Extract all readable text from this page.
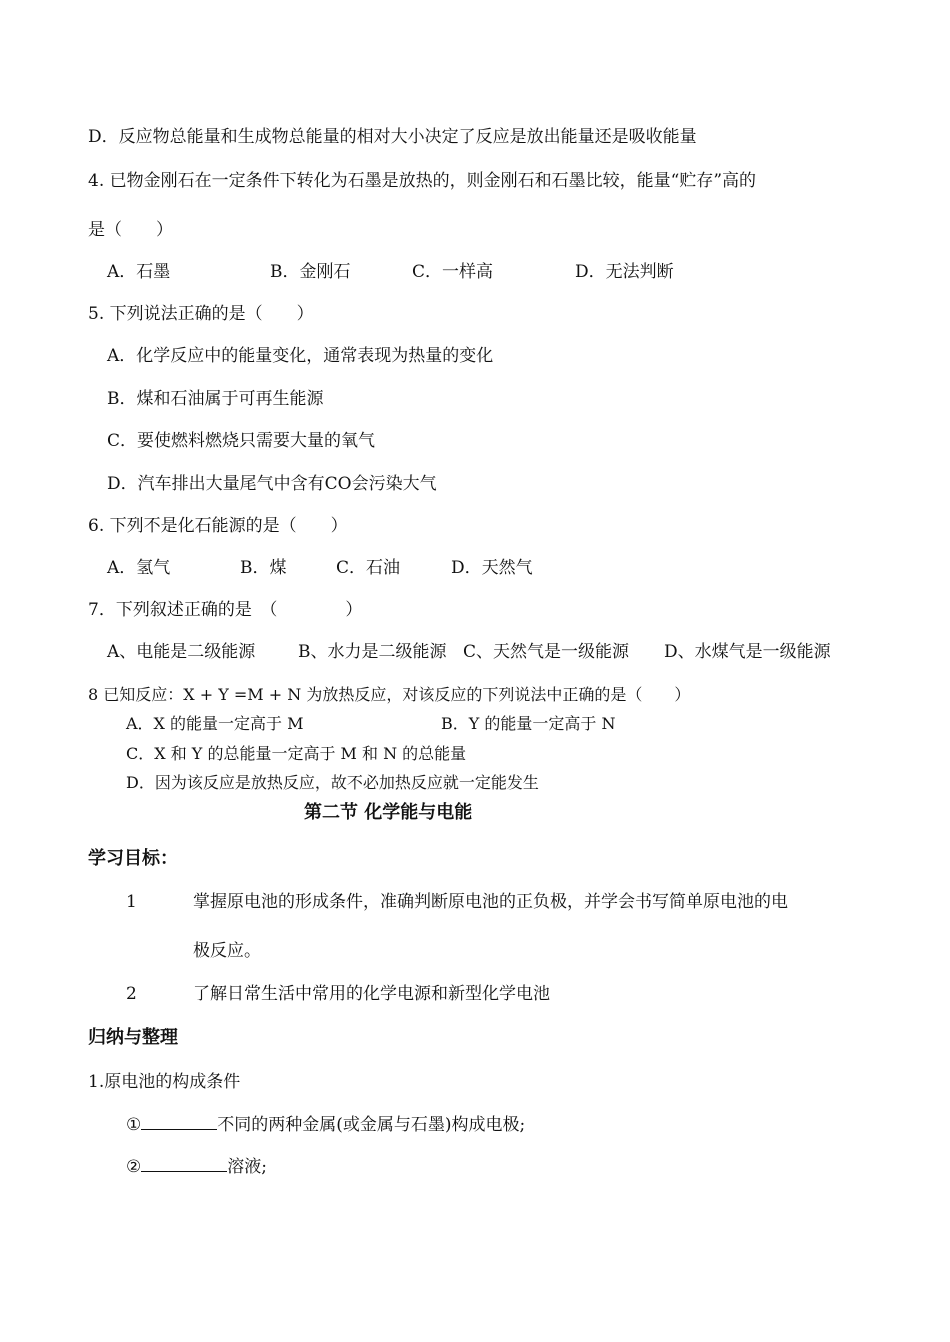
D．反应物总能量和生成物总能量的相对大小决定了反应是放出能量还是吸收能量
4. 已物金刚石在一定条件下转化为石墨是放热的，则金刚石和石墨比较，能量“贮存”高的
是（　　）
A．石墨	B．金刚石	C．一样高	D．无法判断
5. 下列说法正确的是（　　）
A．化学反应中的能量变化，通常表现为热量的变化
B．煤和石油属于可再生能源
C．要使燃料燃烧只需要大量的氧气
D．汽车排出大量尾气中含有CO会污染大气
6. 下列不是化石能源的是（　　）
A．氢气	B．煤	C．石油	D．天然气
7．下列叙述正确的是　（　　　　）
A、电能是二级能源	B、水力是二级能源 C、天然气是一级能源 D、水煤气是一级能源
8 已知反应：X + Y =M + N 为放热反应，对该反应的下列说法中正确的是（　　）
A．X 的能量一定高于 M	B．Y 的能量一定高于 N
C．X 和 Y 的总能量一定高于 M 和 N 的总能量
D．因为该反应是放热反应，故不必加热反应就一定能发生
第二节 化学能与电能
学习目标：
1	掌握原电池的形成条件，准确判断原电池的正负极，并学会书写简单原电池的电
极反应。
2	了解日常生活中常用的化学电源和新型化学电池
归纳与整理
1.原电池的构成条件
①	不同的两种金属(或金属与石墨)构成电极;
②	溶液;
